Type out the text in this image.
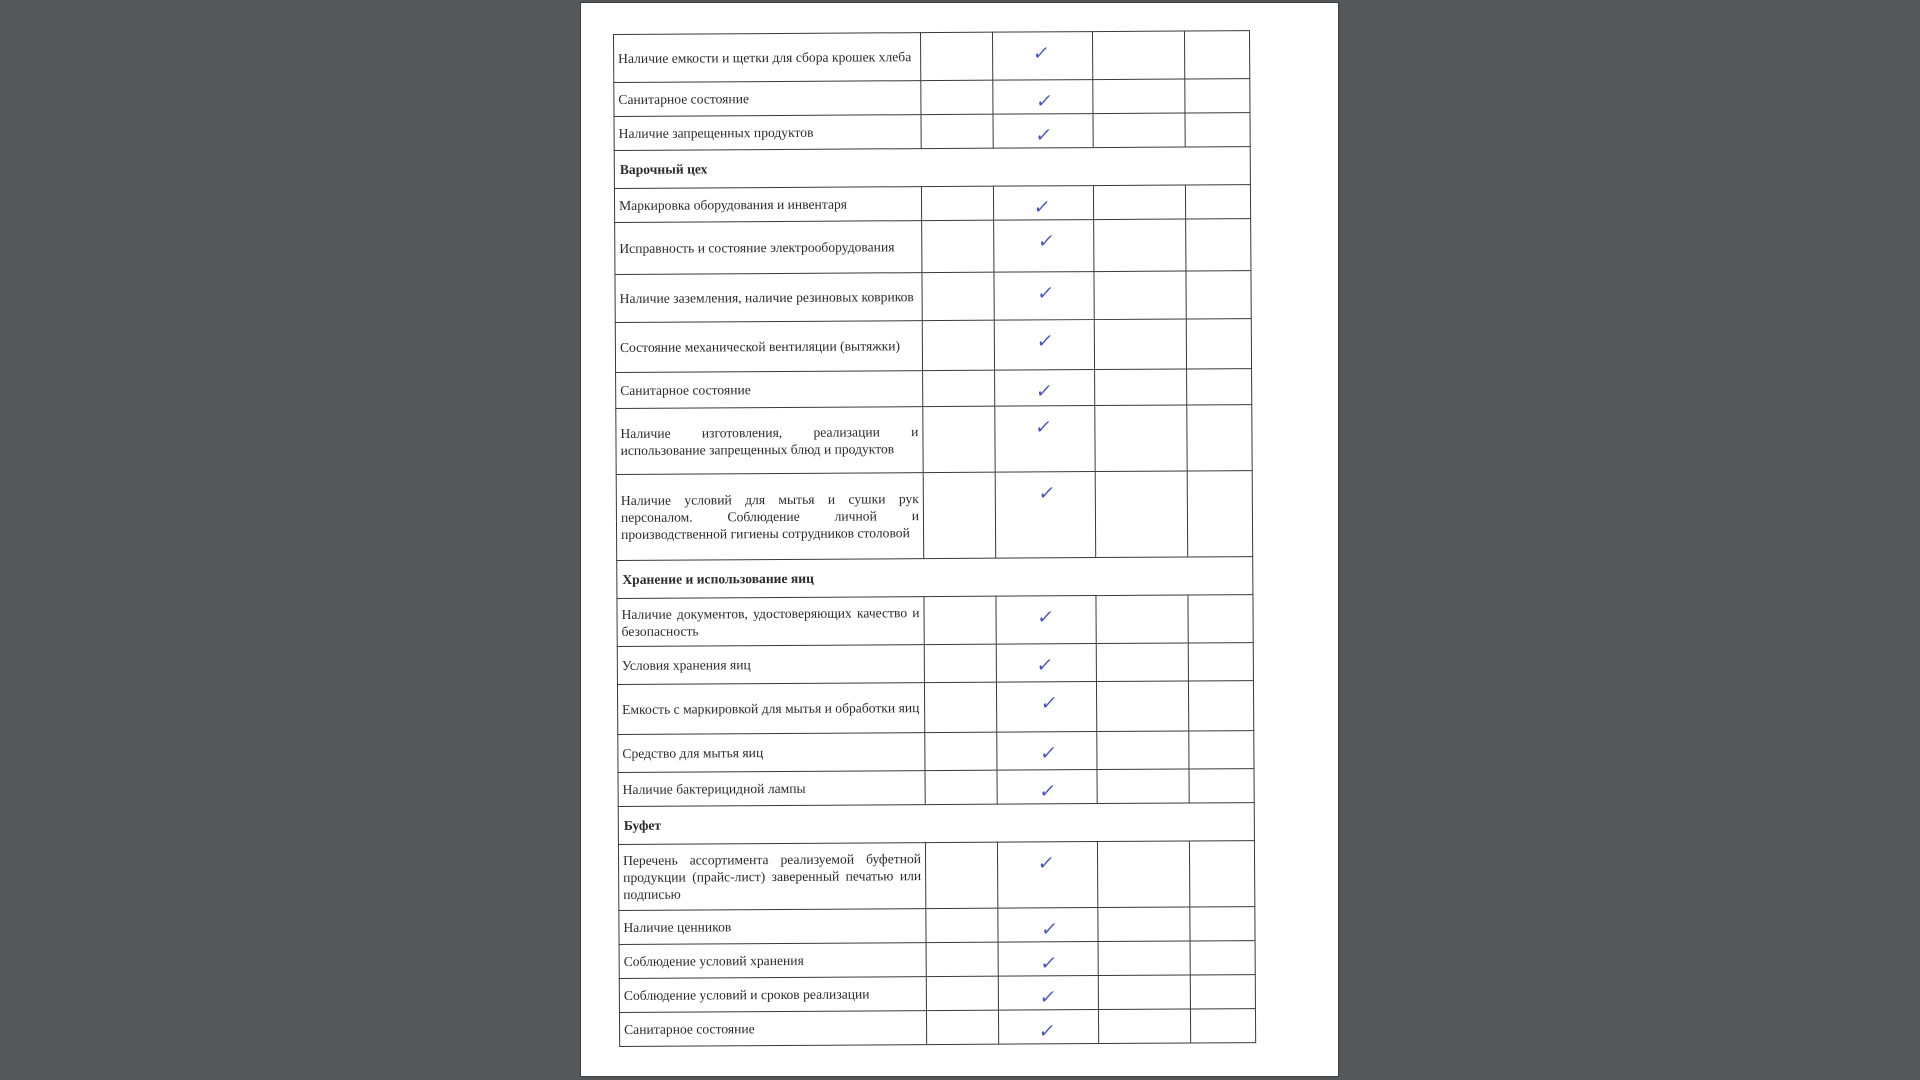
Наличие емкости и щетки для сбора крошек хлеба		✓		
Санитарное состояние		✓		
Наличие запрещенных продуктов		✓		
Варочный цех				
Маркировка оборудования и инвентаря		✓		
Исправность и состояние электрооборудования		✓		
Наличие заземления, наличие резиновых ковриков		✓		
Состояние механической вентиляции (вытяжки)		✓		
Санитарное состояние		✓		
Наличие изготовления, реализации и использование запрещенных блюд и продуктов		✓		
Наличие условий для мытья и сушки рук персоналом. Соблюдение личной и производственной гигиены сотрудников столовой		✓		
Хранение и использование яиц				
Наличие документов, удостоверяющих качество и безопасность		✓		
Условия хранения яиц		✓		
Емкость с маркировкой для мытья и обработки яиц		✓		
Средство для мытья яиц		✓		
Наличие бактерицидной лампы		✓		
Буфет				
Перечень ассортимента реализуемой буфетной продукции (прайс-лист) заверенный печатью или подписью		✓		
Наличие ценников		✓		
Соблюдение условий хранения		✓		
Соблюдение условий и сроков реализации		✓		
Санитарное состояние		✓		
